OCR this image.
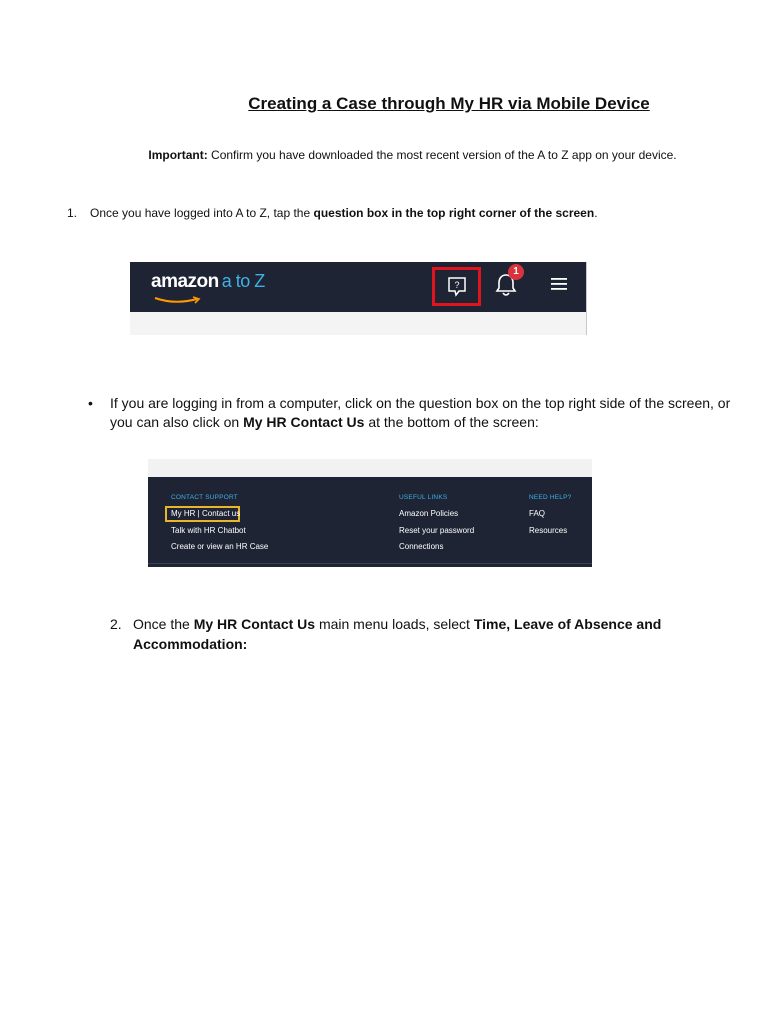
Creating a Case through My HR via Mobile Device
Important: Confirm you have downloaded the most recent version of the A to Z app on your device.
1. Once you have logged into A to Z, tap the question box in the top right corner of the screen.
amazon a to Z	?
1
• If you are logging in from a computer, click on the question box on the top right side of the screen, or
you can also click on My HR Contact Us at the bottom of the screen:
CONTACT SUPPORT
My HR | Contact us
Talk with HR Chatbot
Create or view an HR Case
USEFUL LINKS
Amazon Policies
Reset your password
Connections
NEED HELP?
FAQ
Resources
2. Once the My HR Contact Us main menu loads, select Time, Leave of Absence and
Accommodation:
